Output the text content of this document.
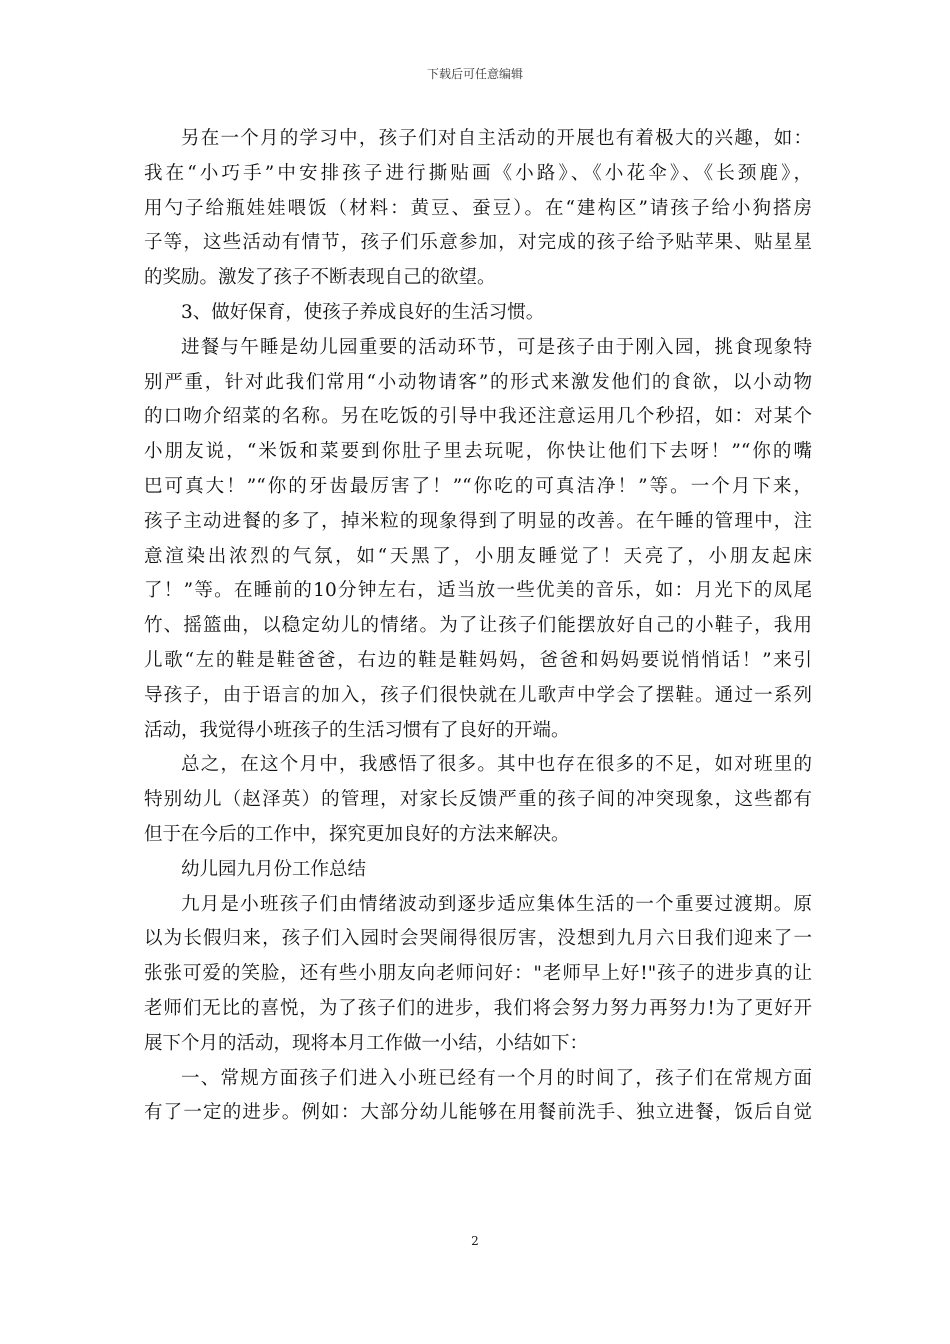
下载后可任意编辑
另在一个月的学习中，孩子们对自主活动的开展也有着极大的兴趣，如：
我在“小巧手”中安排孩子进行撕贴画《小路》、《小花伞》、《长颈鹿》，
用勺子给瓶娃娃喂饭（材料：黄豆、蚕豆）。在“建构区”请孩子给小狗搭房
子等，这些活动有情节，孩子们乐意参加，对完成的孩子给予贴苹果、贴星星
的奖励。激发了孩子不断表现自己的欲望。
3、做好保育，使孩子养成良好的生活习惯。
进餐与午睡是幼儿园重要的活动环节，可是孩子由于刚入园，挑食现象特
别严重，针对此我们常用“小动物请客”的形式来激发他们的食欲，以小动物
的口吻介绍菜的名称。另在吃饭的引导中我还注意运用几个秒招，如：对某个
小朋友说，“米饭和菜要到你肚子里去玩呢，你快让他们下去呀！”“你的嘴
巴可真大！”“你的牙齿最厉害了！”“你吃的可真洁净！”等。一个月下来，
孩子主动进餐的多了，掉米粒的现象得到了明显的改善。在午睡的管理中，注
意渲染出浓烈的气氛，如“天黑了，小朋友睡觉了！天亮了，小朋友起床
了！”等。在睡前的10分钟左右，适当放一些优美的音乐，如：月光下的凤尾
竹、摇篮曲，以稳定幼儿的情绪。为了让孩子们能摆放好自己的小鞋子，我用
儿歌“左的鞋是鞋爸爸，右边的鞋是鞋妈妈，爸爸和妈妈要说悄悄话！”来引
导孩子，由于语言的加入，孩子们很快就在儿歌声中学会了摆鞋。通过一系列
活动，我觉得小班孩子的生活习惯有了良好的开端。
总之，在这个月中，我感悟了很多。其中也存在很多的不足，如对班里的
特别幼儿（赵泽英）的管理，对家长反馈严重的孩子间的冲突现象，这些都有
但于在今后的工作中，探究更加良好的方法来解决。
幼儿园九月份工作总结
九月是小班孩子们由情绪波动到逐步适应集体生活的一个重要过渡期。原
以为长假归来，孩子们入园时会哭闹得很厉害，没想到九月六日我们迎来了一
张张可爱的笑脸，还有些小朋友向老师问好："老师早上好!"孩子的进步真的让
老师们无比的喜悦，为了孩子们的进步，我们将会努力努力再努力!为了更好开
展下个月的活动，现将本月工作做一小结，小结如下：
一、常规方面孩子们进入小班已经有一个月的时间了，孩子们在常规方面
有了一定的进步。例如：大部分幼儿能够在用餐前洗手、独立进餐，饭后自觉
2
